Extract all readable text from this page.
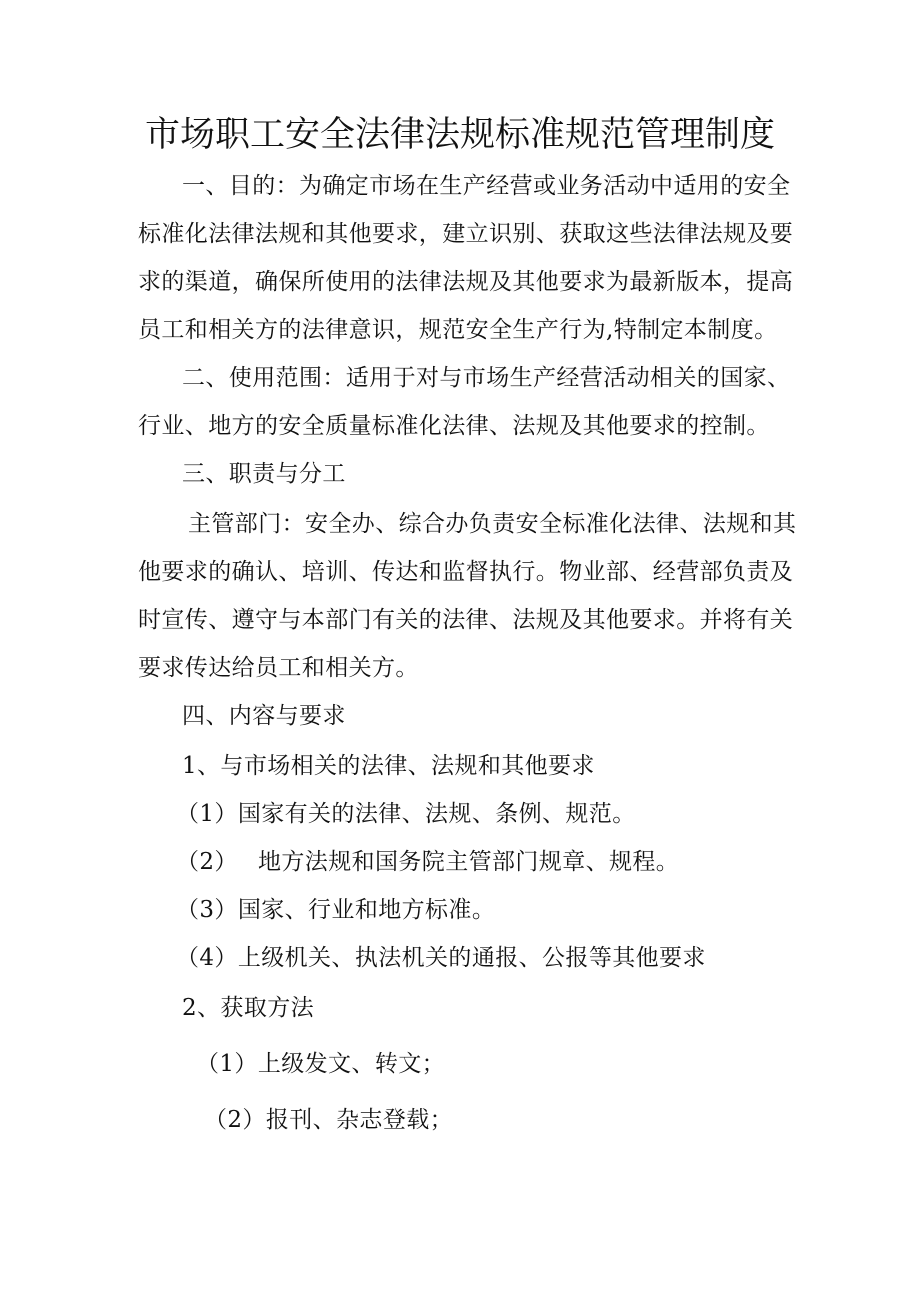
市场职工安全法律法规标准规范管理制度
一、目的：为确定市场在生产经营或业务活动中适用的安全
标准化法律法规和其他要求，建立识别、获取这些法律法规及要
求的渠道，确保所使用的法律法规及其他要求为最新版本，提高
员工和相关方的法律意识，规范安全生产行为,特制定本制度。
二、使用范围：适用于对与市场生产经营活动相关的国家、
行业、地方的安全质量标准化法律、法规及其他要求的控制。
三、职责与分工
主管部门：安全办、综合办负责安全标准化法律、法规和其
他要求的确认、培训、传达和监督执行。物业部、经营部负责及
时宣传、遵守与本部门有关的法律、法规及其他要求。并将有关
要求传达给员工和相关方。
四、内容与要求
1、与市场相关的法律、法规和其他要求
（1）国家有关的法律、法规、条例、规范。
（2） 地方法规和国务院主管部门规章、规程。
（3）国家、行业和地方标准。
（4）上级机关、执法机关的通报、公报等其他要求
2、获取方法
（1）上级发文、转文；
（2）报刊、杂志登载；
